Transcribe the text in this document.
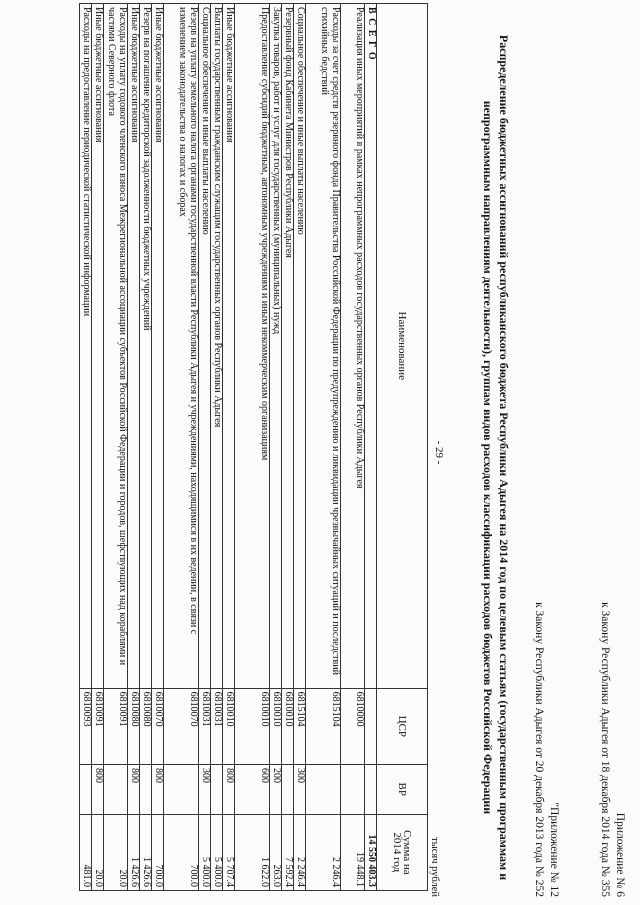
Приложение № 6
к Закону Республики Адыгея от 18 декабря 2014 года № 355
"Приложение № 12
к Закону Республики Адыгея от 20 декабря 2013 года № 252
- 29 -	Распределение бюджетных ассигнований республиканского бюджета Республики Адыгея на 2014 год по целевым статьям (государственным программам и непрограммным направлениям деятельности), группам видов расходов классификации расходов бюджетов Российской Федерации
тысяч рублей
Наименование	ЦСР	ВР	Сумма на 2014 год
В С Е Г О			14 550 403.3
Реализация иных мероприятий в рамках непрограммных расходов государственных органов Республики Адыгея	6810000		19 448.1
Расходы за счет средств резервного фонда Правительства Российской Федерации по предупреждению и ликвидации чрезвычайных ситуаций и последствий стихийных бедствий	6815104		2 246.4
Социальное обеспечение и иные выплаты населению	6815104	300	2 246.4
Резервный фонд Кабинета Министров Республики Адыгея	6810010		7 592.4
Закупка товаров, работ и услуг для государственных (муниципальных) нужд	6810010	200	263.0
Предоставление субсидий бюджетным, автономным учреждениям и иным некоммерческим организациям	6810010	600	1 622.0
Иные бюджетные ассигнования	6810010	800	5 707.4
Выплаты государственным гражданским служащим государственных органов Республики Адыгея	6810031		5 400.0
Социальное обеспечение и иные выплаты населению	6810031	300	5 400.0
Резерв на уплату земельного налога органами государственной власти Республики Адыгея и учреждениями, находящимися в их ведении, в связи с изменением законодательства о налогах и сборах	6810070		700.0
Иные бюджетные ассигнования	6810070	800	700.0
Резерв на погашение кредиторской задолженности бюджетных учреждений	6810080		1 426.6
Иные бюджетные ассигнования	6810080	800	1 426.6
Расходы на уплату годового членского взноса Межрегиональной ассоциации субъектов Российской Федерации и городов, шефствующих над кораблями и частями Северного флота	6810091		20.0
Иные бюджетные ассигнования	6810091	800	20.0
Расходы на предоставление периодической статистической информации	6810093		481.0
